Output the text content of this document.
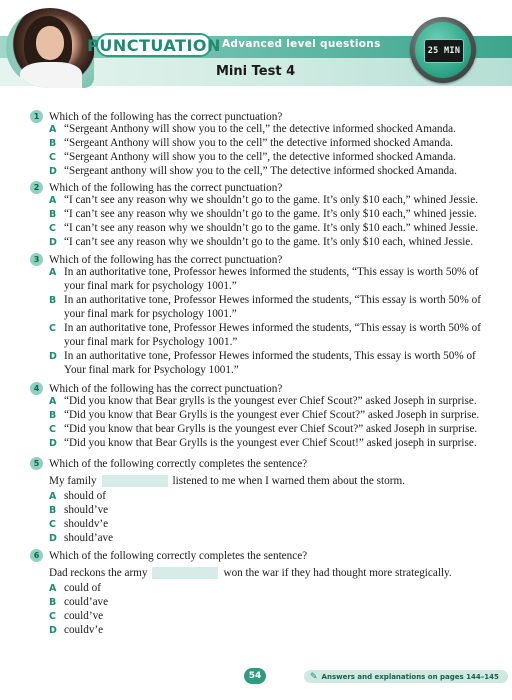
PUNCTUATION Advanced level questions
Mini Test 4
25 MIN
1 Which of the following has the correct punctuation?
A “Sergeant Anthony will show you to the cell,” the detective informed shocked Amanda.
B “Sergeant Anthony will show you to the cell” the detective informed shocked Amanda.
C “Sergeant Anthony will show you to the cell”, the detective informed shocked Amanda.
D “Sergeant anthony will show you to the cell,” The detective informed shocked Amanda.
2 Which of the following has the correct punctuation?
A “I can’t see any reason why we shouldn’t go to the game. It’s only $10 each,” whined Jessie.
B “I can’t see any reason why we shouldn’t go to the game. It’s only $10 each,” whined jessie.
C “I can’t see any reason why we shouldn’t go to the game. It’s only $10 each.” whined Jessie.
D “I can’t see any reason why we shouldn’t go to the game. It’s only $10 each, whined Jessie.
3 Which of the following has the correct punctuation?
A In an authoritative tone, Professor hewes informed the students, “This essay is worth 50% of your final mark for psychology 1001.”
B In an authoritative tone, Professor Hewes informed the students, “This essay is worth 50% of your final mark for psychology 1001.”
C In an authoritative tone, Professor Hewes informed the students, “This essay is worth 50% of your final mark for Psychology 1001.”
D In an authoritative tone, Professor Hewes informed the students, This essay is worth 50% of Your final mark for Psychology 1001.”
4 Which of the following has the correct punctuation?
A “Did you know that Bear grylls is the youngest ever Chief Scout?” asked Joseph in surprise.
B “Did you know that Bear Grylls is the youngest ever Chief Scout?” asked Joseph in surprise.
C “Did you know that bear Grylls is the youngest ever Chief Scout?” asked Joseph in surprise.
D “Did you know that Bear Grylls is the youngest ever Chief Scout!” asked joseph in surprise.
5 Which of the following correctly completes the sentence?
My family	listened to me when I warned them about the storm.
A should of
B should’ve
C shouldv’e
D should’ave
6 Which of the following correctly completes the sentence?
Dad reckons the army	won the war if they had thought more strategically.
A could of
B could’ave
C could’ve
D couldv’e
54	✎ Answers and explanations on pages 144–145
